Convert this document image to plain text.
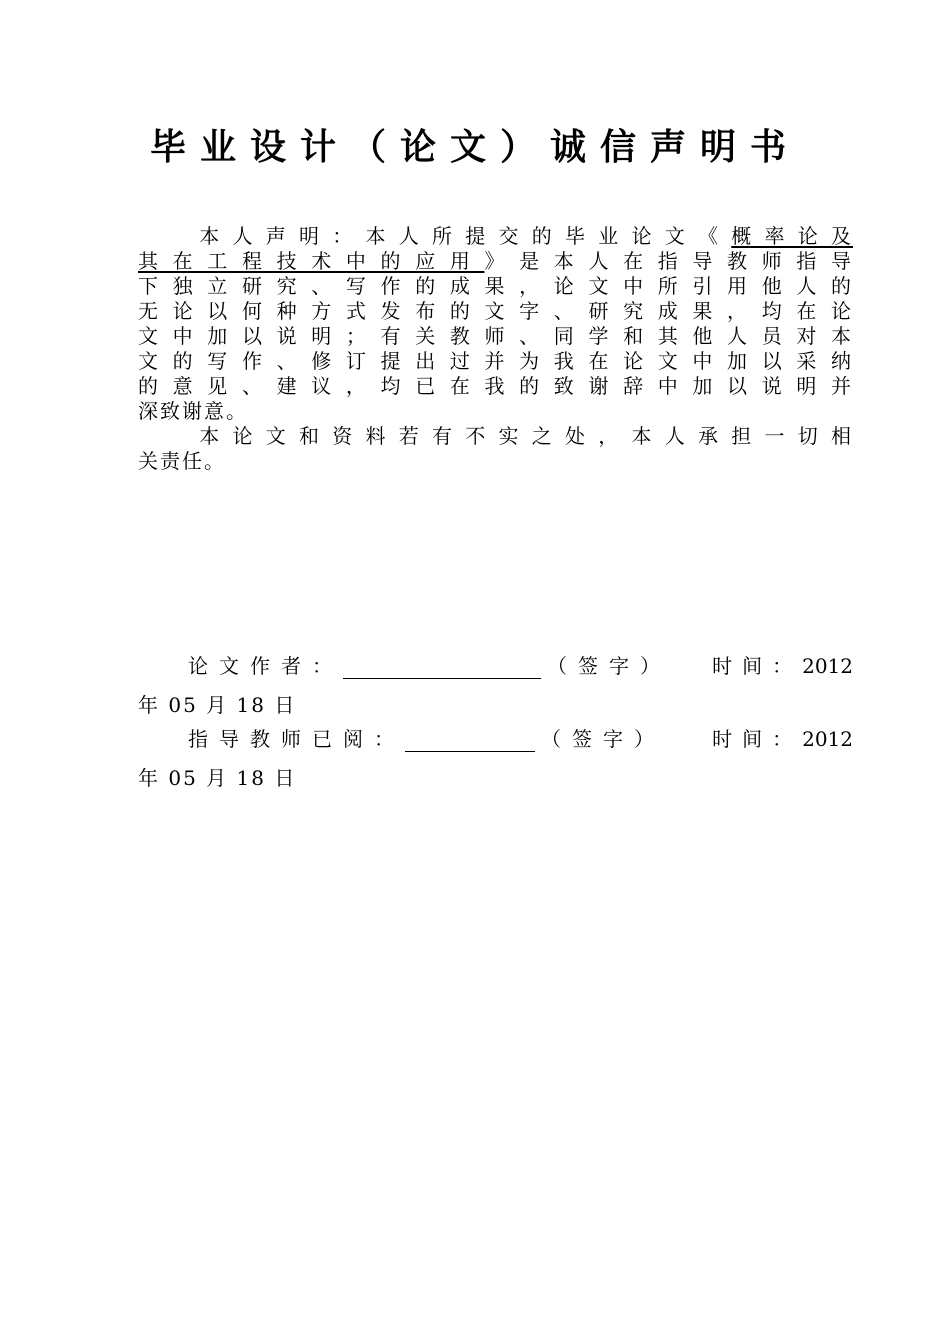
毕业设计（论文）诚信声明书
本人声明：本人所提交的毕业论文《概率论及
其在工程技术中的应用》是本人在指导教师指导
下独立研究、写作的成果，论文中所引用他人的
无论以何种方式发布的文字、研究成果，均在论
文中加以说明；有关教师、同学和其他人员对本
文的写作、修订提出过并为我在论文中加以采纳
的意见、建议，均已在我的致谢辞中加以说明并
深致谢意。
本论文和资料若有不实之处，本人承担一切相
关责任。
论文作者：	（签字） 时间： 2012
年 05 月 18 日
指导教师已阅：	（签字） 时间： 2012
年 05 月 18 日
